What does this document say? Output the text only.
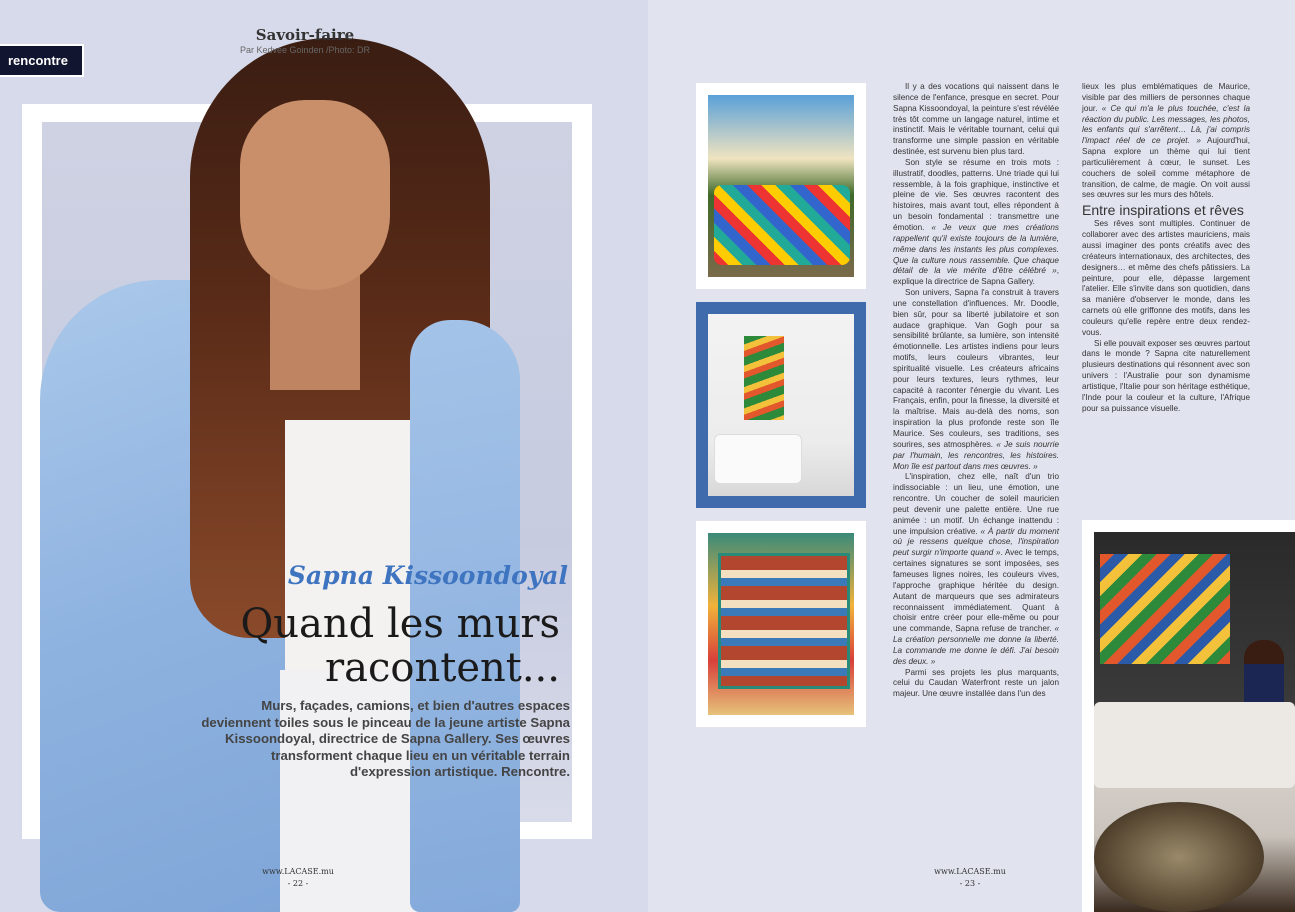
Savoir-faire
Par Kedvee Goinden /Photo: DR
rencontre
Sapna Kissoondoyal
Quand les murs
racontent...
Murs, façades, camions, et bien d'autres espaces deviennent toiles sous le pinceau de la jeune artiste Sapna Kissoondoyal, directrice de Sapna Gallery. Ses œuvres transforment chaque lieu en un véritable terrain d'expression artistique. Rencontre.
www.LACASE.mu
- 22 -

Il y a des vocations qui naissent dans le silence de l'enfance, presque en secret. Pour Sapna Kissoondoyal, la peinture s'est révélée très tôt comme un langage naturel, intime et instinctif. Mais le véritable tournant, celui qui transforme une simple passion en véritable destinée, est survenu bien plus tard.

Son style se résume en trois mots : illustratif, doodles, patterns. Une triade qui lui ressemble, à la fois graphique, instinctive et pleine de vie. Ses œuvres racontent des histoires, mais avant tout, elles répondent à un besoin fondamental : transmettre une émotion. « Je veux que mes créations rappellent qu'il existe toujours de la lumière, même dans les instants les plus complexes. Que la culture nous rassemble. Que chaque détail de la vie mérite d'être célébré », explique la directrice de Sapna Gallery.

Son univers, Sapna l'a construit à travers une constellation d'influences. Mr. Doodle, bien sûr, pour sa liberté jubilatoire et son audace graphique. Van Gogh pour sa sensibilité brûlante, sa lumière, son intensité émotionnelle. Les artistes indiens pour leurs motifs, leurs couleurs vibrantes, leur spiritualité visuelle. Les créateurs africains pour leurs textures, leurs rythmes, leur capacité à raconter l'énergie du vivant. Les Français, enfin, pour la finesse, la diversité et la maîtrise. Mais au-delà des noms, son inspiration la plus profonde reste son île Maurice. Ses couleurs, ses traditions, ses sourires, ses atmosphères. « Je suis nourrie par l'humain, les rencontres, les histoires. Mon île est partout dans mes œuvres. »

L'inspiration, chez elle, naît d'un trio indissociable : un lieu, une émotion, une rencontre. Un coucher de soleil mauricien peut devenir une palette entière. Une rue animée : un motif. Un échange inattendu : une impulsion créative. « À partir du moment où je ressens quelque chose, l'inspiration peut surgir n'importe quand ». Avec le temps, certaines signatures se sont imposées, ses fameuses lignes noires, les couleurs vives, l'approche graphique héritée du design. Autant de marqueurs que ses admirateurs reconnaissent immédiatement. Quant à choisir entre créer pour elle-même ou pour une commande, Sapna refuse de trancher. « La création personnelle me donne la liberté. La commande me donne le défi. J'ai besoin des deux. »

Parmi ses projets les plus marquants, celui du Caudan Waterfront reste un jalon majeur. Une œuvre installée dans l'un des

lieux les plus emblématiques de Maurice, visible par des milliers de personnes chaque jour. « Ce qui m'a le plus touchée, c'est la réaction du public. Les messages, les photos, les enfants qui s'arrêtent… Là, j'ai compris l'impact réel de ce projet. » Aujourd'hui, Sapna explore un thème qui lui tient particulièrement à cœur, le sunset. Les couchers de soleil comme métaphore de transition, de calme, de magie. On voit aussi ses œuvres sur les murs des hôtels.

Entre inspirations et rêves

Ses rêves sont multiples. Continuer de collaborer avec des artistes mauriciens, mais aussi imaginer des ponts créatifs avec des créateurs internationaux, des architectes, des designers… et même des chefs pâtissiers. La peinture, pour elle, dépasse largement l'atelier. Elle s'invite dans son quotidien, dans sa manière d'observer le monde, dans les carnets où elle griffonne des motifs, dans les couleurs qu'elle repère entre deux rendez-vous.

Si elle pouvait exposer ses œuvres partout dans le monde ? Sapna cite naturellement plusieurs destinations qui résonnent avec son univers : l'Australie pour son dynamisme artistique, l'Italie pour son héritage esthétique, l'Inde pour la couleur et la culture, l'Afrique pour sa puissance visuelle.

www.LACASE.mu
- 23 -
